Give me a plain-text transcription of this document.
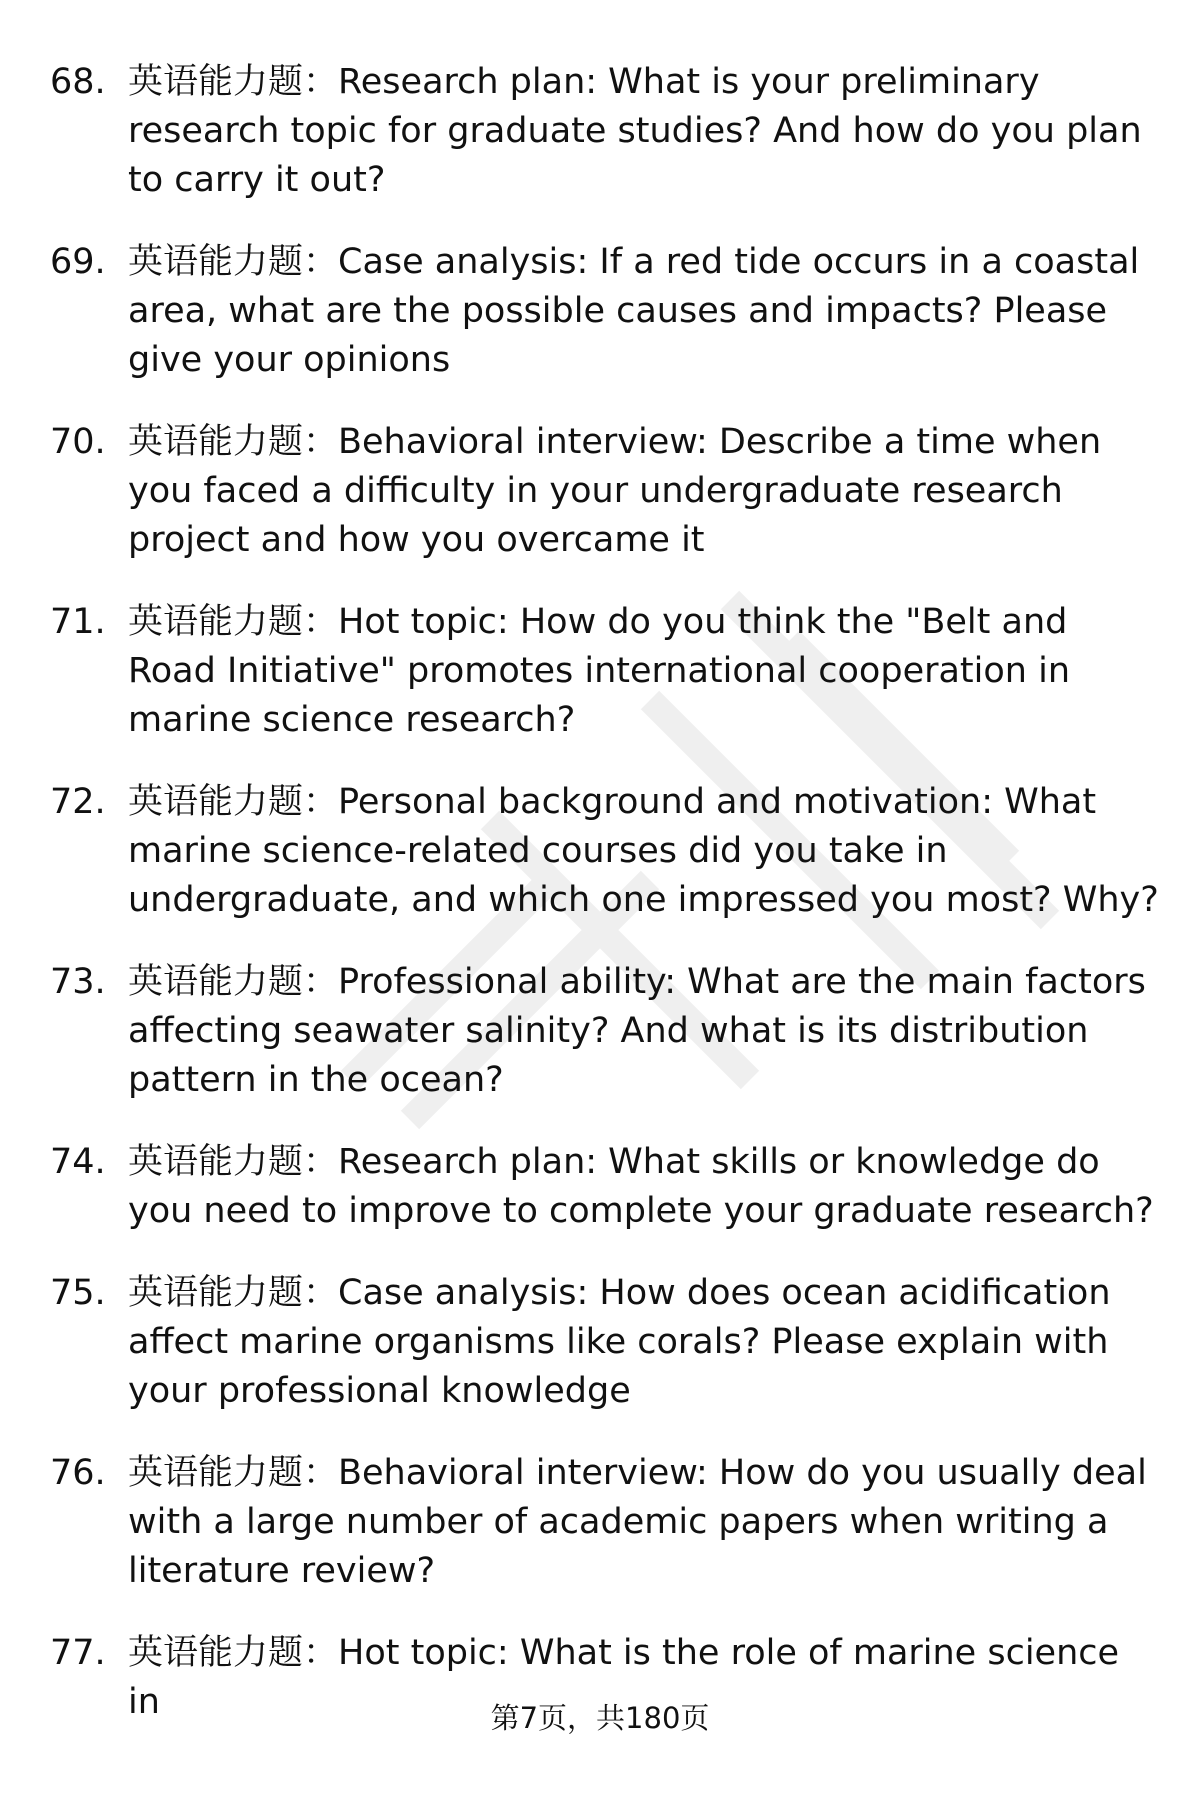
68. 英语能力题：Research plan: What is your preliminary research topic for graduate studies? And how do you plan to carry it out?
69. 英语能力题：Case analysis: If a red tide occurs in a coastal area, what are the possible causes and impacts? Please give your opinions
70. 英语能力题：Behavioral interview: Describe a time when you faced a difficulty in your undergraduate research project and how you overcame it
71. 英语能力题：Hot topic: How do you think the "Belt and Road Initiative" promotes international cooperation in marine science research?
72. 英语能力题：Personal background and motivation: What marine science-related courses did you take in undergraduate, and which one impressed you most? Why?
73. 英语能力题：Professional ability: What are the main factors affecting seawater salinity? And what is its distribution pattern in the ocean?
74. 英语能力题：Research plan: What skills or knowledge do you need to improve to complete your graduate research?
75. 英语能力题：Case analysis: How does ocean acidification affect marine organisms like corals? Please explain with your professional knowledge
76. 英语能力题：Behavioral interview: How do you usually deal with a large number of academic papers when writing a literature review?
77. 英语能力题：Hot topic: What is the role of marine science in	第7页，共180页
